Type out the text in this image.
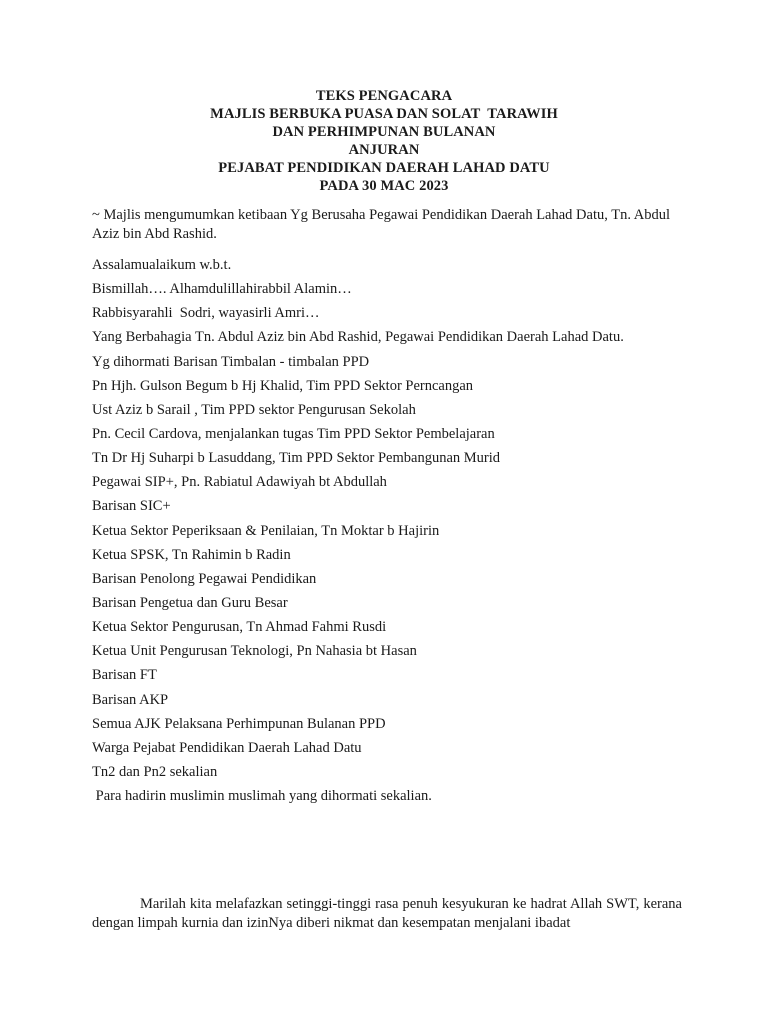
TEKS PENGACARA
MAJLIS BERBUKA PUASA DAN SOLAT  TARAWIH
DAN PERHIMPUNAN BULANAN
ANJURAN
PEJABAT PENDIDIKAN DAERAH LAHAD DATU
PADA 30 MAC 2023
~ Majlis mengumumkan ketibaan Yg Berusaha Pegawai Pendidikan Daerah Lahad Datu, Tn. Abdul Aziz bin Abd Rashid.
Assalamualaikum w.b.t.
Bismillah…. Alhamdulillahirabbil Alamin…
Rabbisyarahli  Sodri, wayasirli Amri…
Yang Berbahagia Tn. Abdul Aziz bin Abd Rashid, Pegawai Pendidikan Daerah Lahad Datu.
Yg dihormati Barisan Timbalan - timbalan PPD
Pn Hjh. Gulson Begum b Hj Khalid, Tim PPD Sektor Perncangan
Ust Aziz b Sarail , Tim PPD sektor Pengurusan Sekolah
Pn. Cecil Cardova, menjalankan tugas Tim PPD Sektor Pembelajaran
Tn Dr Hj Suharpi b Lasuddang, Tim PPD Sektor Pembangunan Murid
Pegawai SIP+, Pn. Rabiatul Adawiyah bt Abdullah
Barisan SIC+
Ketua Sektor Peperiksaan & Penilaian, Tn Moktar b Hajirin
Ketua SPSK, Tn Rahimin b Radin
Barisan Penolong Pegawai Pendidikan
Barisan Pengetua dan Guru Besar
Ketua Sektor Pengurusan, Tn Ahmad Fahmi Rusdi
Ketua Unit Pengurusan Teknologi, Pn Nahasia bt Hasan
Barisan FT
Barisan AKP
Semua AJK Pelaksana Perhimpunan Bulanan PPD
Warga Pejabat Pendidikan Daerah Lahad Datu
Tn2 dan Pn2 sekalian
Para hadirin muslimin muslimah yang dihormati sekalian.

Marilah kita melafazkan setinggi-tinggi rasa penuh kesyukuran ke hadrat Allah SWT, kerana dengan limpah kurnia dan izinNya diberi nikmat dan kesempatan menjalani ibadat
